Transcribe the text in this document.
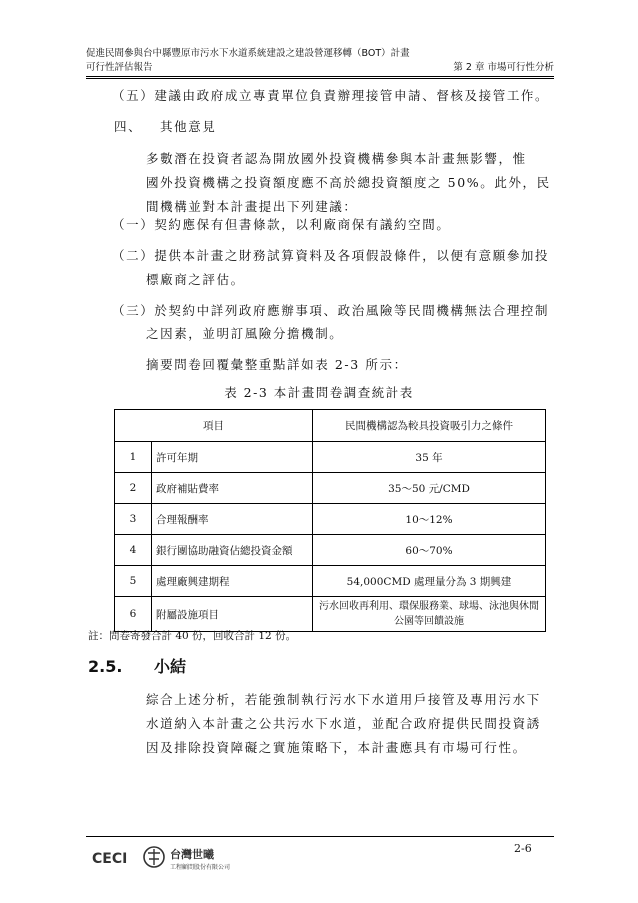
促進民間參與台中縣豐原市污水下水道系統建設之建設營運移轉（BOT）計畫
可行性評估報告	第 2 章 市場可行性分析
（五）建議由政府成立專責單位負責辦理接管申請、督核及接管工作。
四、 其他意見
多數潛在投資者認為開放國外投資機構參與本計畫無影響，惟
國外投資機構之投資額度應不高於總投資額度之 50%。此外，民
間機構並對本計畫提出下列建議：
（一）契約應保有但書條款，以利廠商保有議約空間。
（二）提供本計畫之財務試算資料及各項假設條件，以便有意願參加投
標廠商之評估。
（三）於契約中詳列政府應辦事項、政治風險等民間機構無法合理控制
之因素，並明訂風險分擔機制。
摘要問卷回覆彙整重點詳如表 2-3 所示：
表 2-3 本計畫問卷調查統計表
項目		民間機構認為較具投資吸引力之條件
1	許可年期	35 年
2	政府補貼費率	35～50 元/CMD
3	合理報酬率	10～12%
4	銀行團協助融資佔總投資金額	60～70%
5	處理廠興建期程	54,000CMD 處理量分為 3 期興建
6	附屬設施項目	污水回收再利用、環保服務業、球場、泳池與休閒公園等回饋設施
註：問卷寄發合計 40 份，回收合計 12 份。
2.5. 小結
綜合上述分析，若能強制執行污水下水道用戶接管及專用污水下
水道納入本計畫之公共污水下水道，並配合政府提供民間投資誘
因及排除投資障礙之實施策略下，本計畫應具有市場可行性。
CECI	台灣世曦
工程顧問股份有限公司
2-6
